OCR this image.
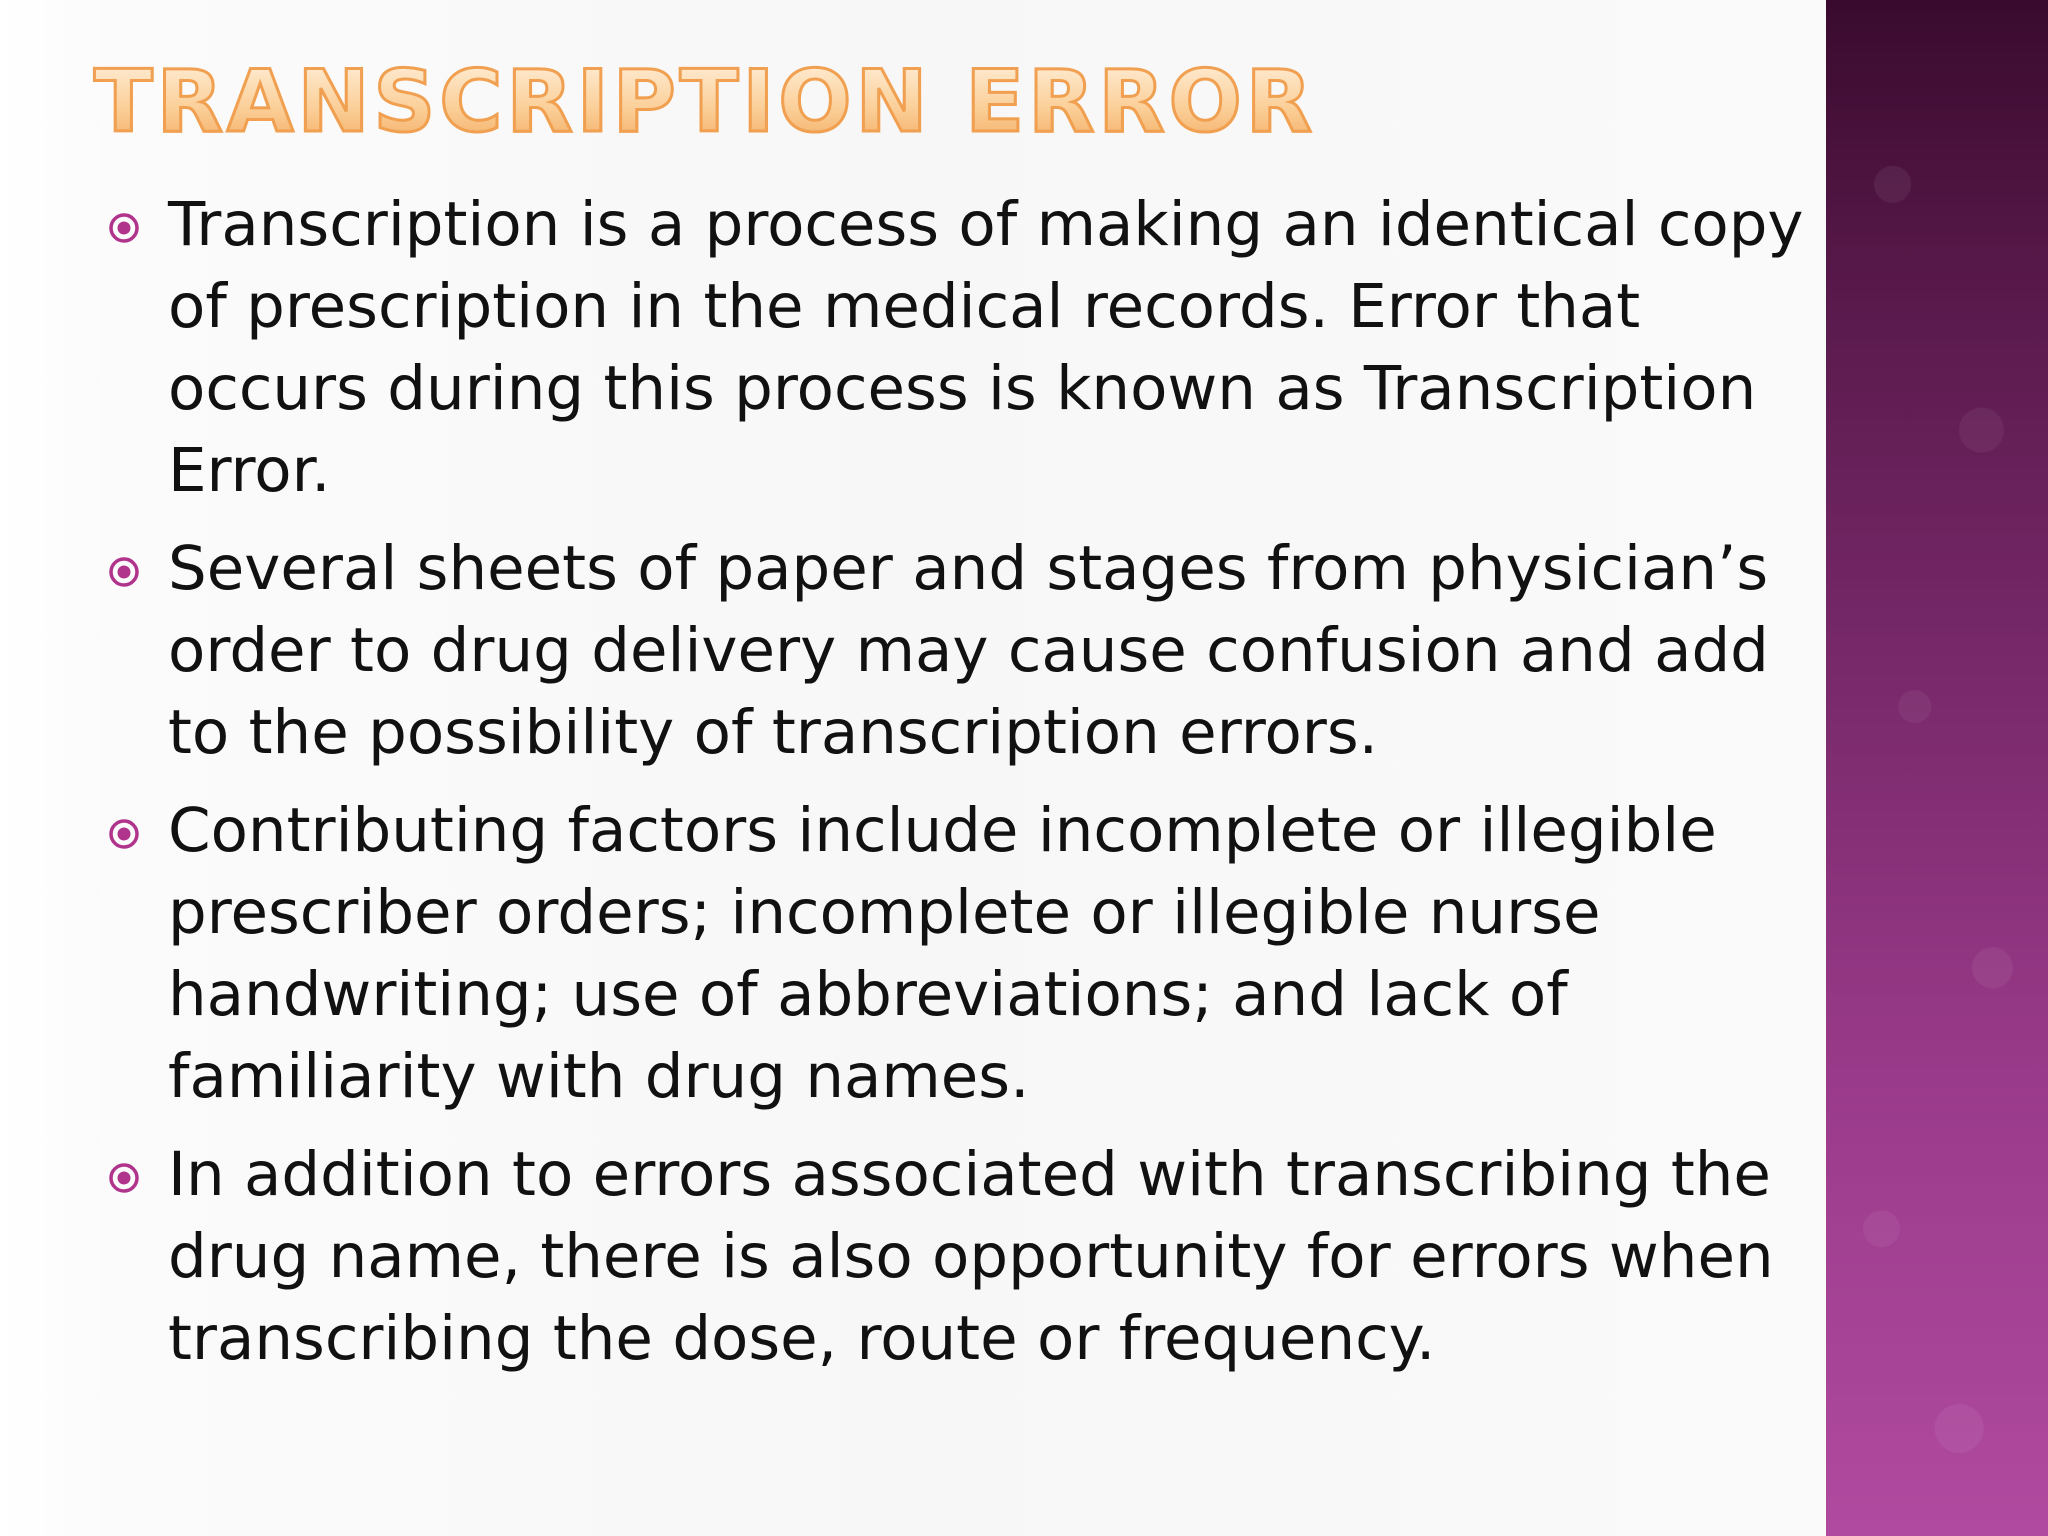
TRANSCRIPTION ERROR
Transcription is a process of making an identical copy of prescription in the medical records. Error that occurs during this process is known as Transcription Error.
Several sheets of paper and stages from physician’s order to drug delivery may cause confusion and add to the possibility of transcription errors.
Contributing factors include incomplete or illegible prescriber orders; incomplete or illegible nurse handwriting; use of abbreviations; and lack of familiarity with drug names.
In addition to errors associated with transcribing the drug name, there is also opportunity for errors when transcribing the dose, route or frequency.
